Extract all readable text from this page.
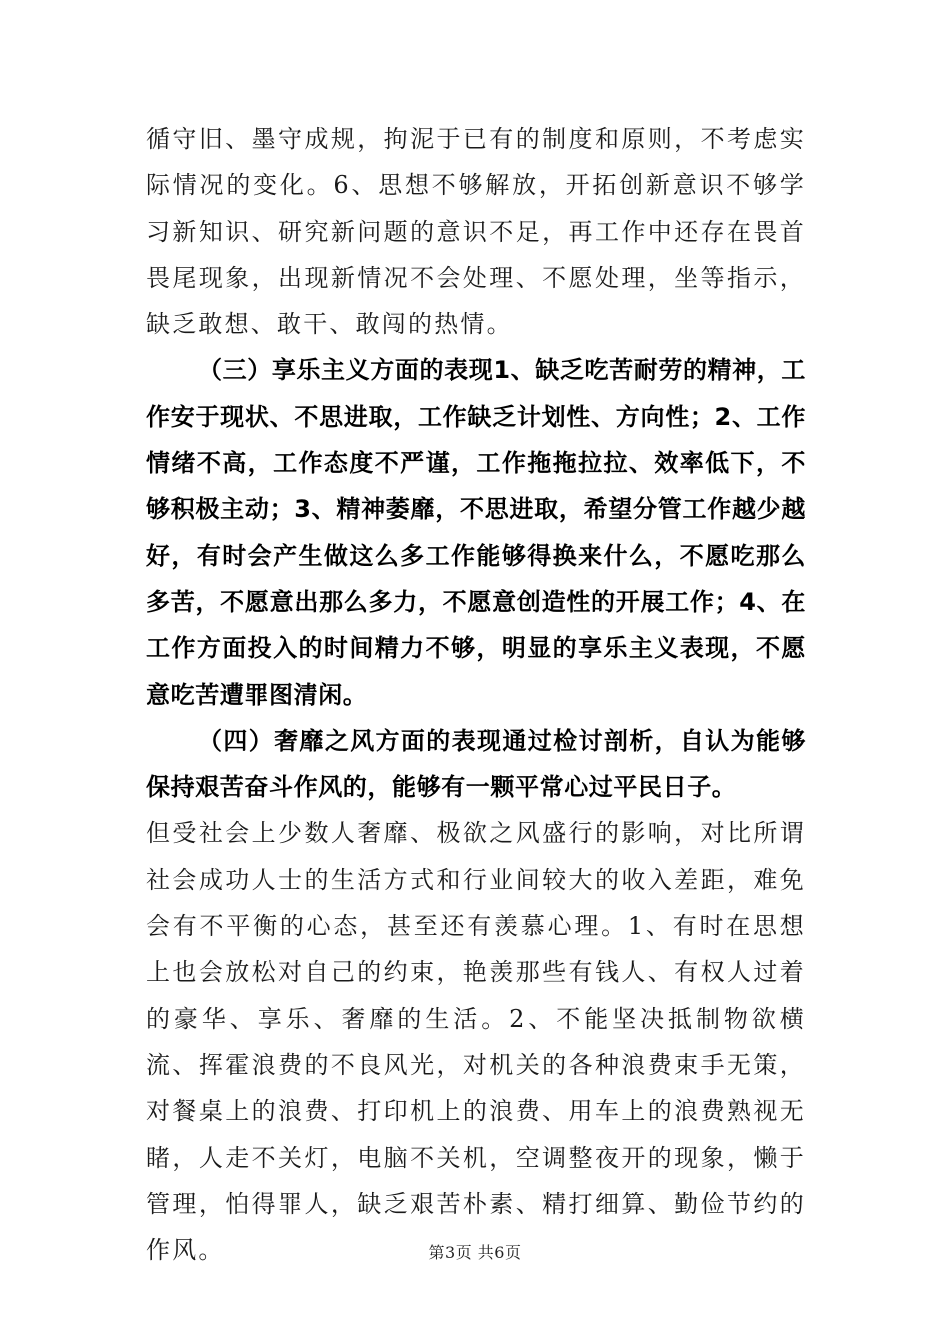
循守旧、墨守成规，拘泥于已有的制度和原则，不考虑实际情况的变化。6、思想不够解放，开拓创新意识不够学习新知识、研究新问题的意识不足，再工作中还存在畏首畏尾现象，出现新情况不会处理、不愿处理，坐等指示，缺乏敢想、敢干、敢闯的热情。

（三）享乐主义方面的表现1、缺乏吃苦耐劳的精神，工作安于现状、不思进取，工作缺乏计划性、方向性；2、工作情绪不高，工作态度不严谨，工作拖拖拉拉、效率低下，不够积极主动；3、精神萎靡，不思进取，希望分管工作越少越好，有时会产生做这么多工作能够得换来什么，不愿吃那么多苦，不愿意出那么多力，不愿意创造性的开展工作；4、在工作方面投入的时间精力不够，明显的享乐主义表现，不愿意吃苦遭罪图清闲。

（四）奢靡之风方面的表现通过检讨剖析，自认为能够保持艰苦奋斗作风的，能够有一颗平常心过平民日子。

但受社会上少数人奢靡、极欲之风盛行的影响，对比所谓社会成功人士的生活方式和行业间较大的收入差距，难免会有不平衡的心态，甚至还有羡慕心理。1、有时在思想上也会放松对自己的约束，艳羡那些有钱人、有权人过着的豪华、享乐、奢靡的生活。2、不能坚决抵制物欲横流、挥霍浪费的不良风光，对机关的各种浪费束手无策，对餐桌上的浪费、打印机上的浪费、用车上的浪费熟视无睹，人走不关灯，电脑不关机，空调整夜开的现象，懒于管理，怕得罪人，缺乏艰苦朴素、精打细算、勤俭节约的作风。	第3页 共6页
